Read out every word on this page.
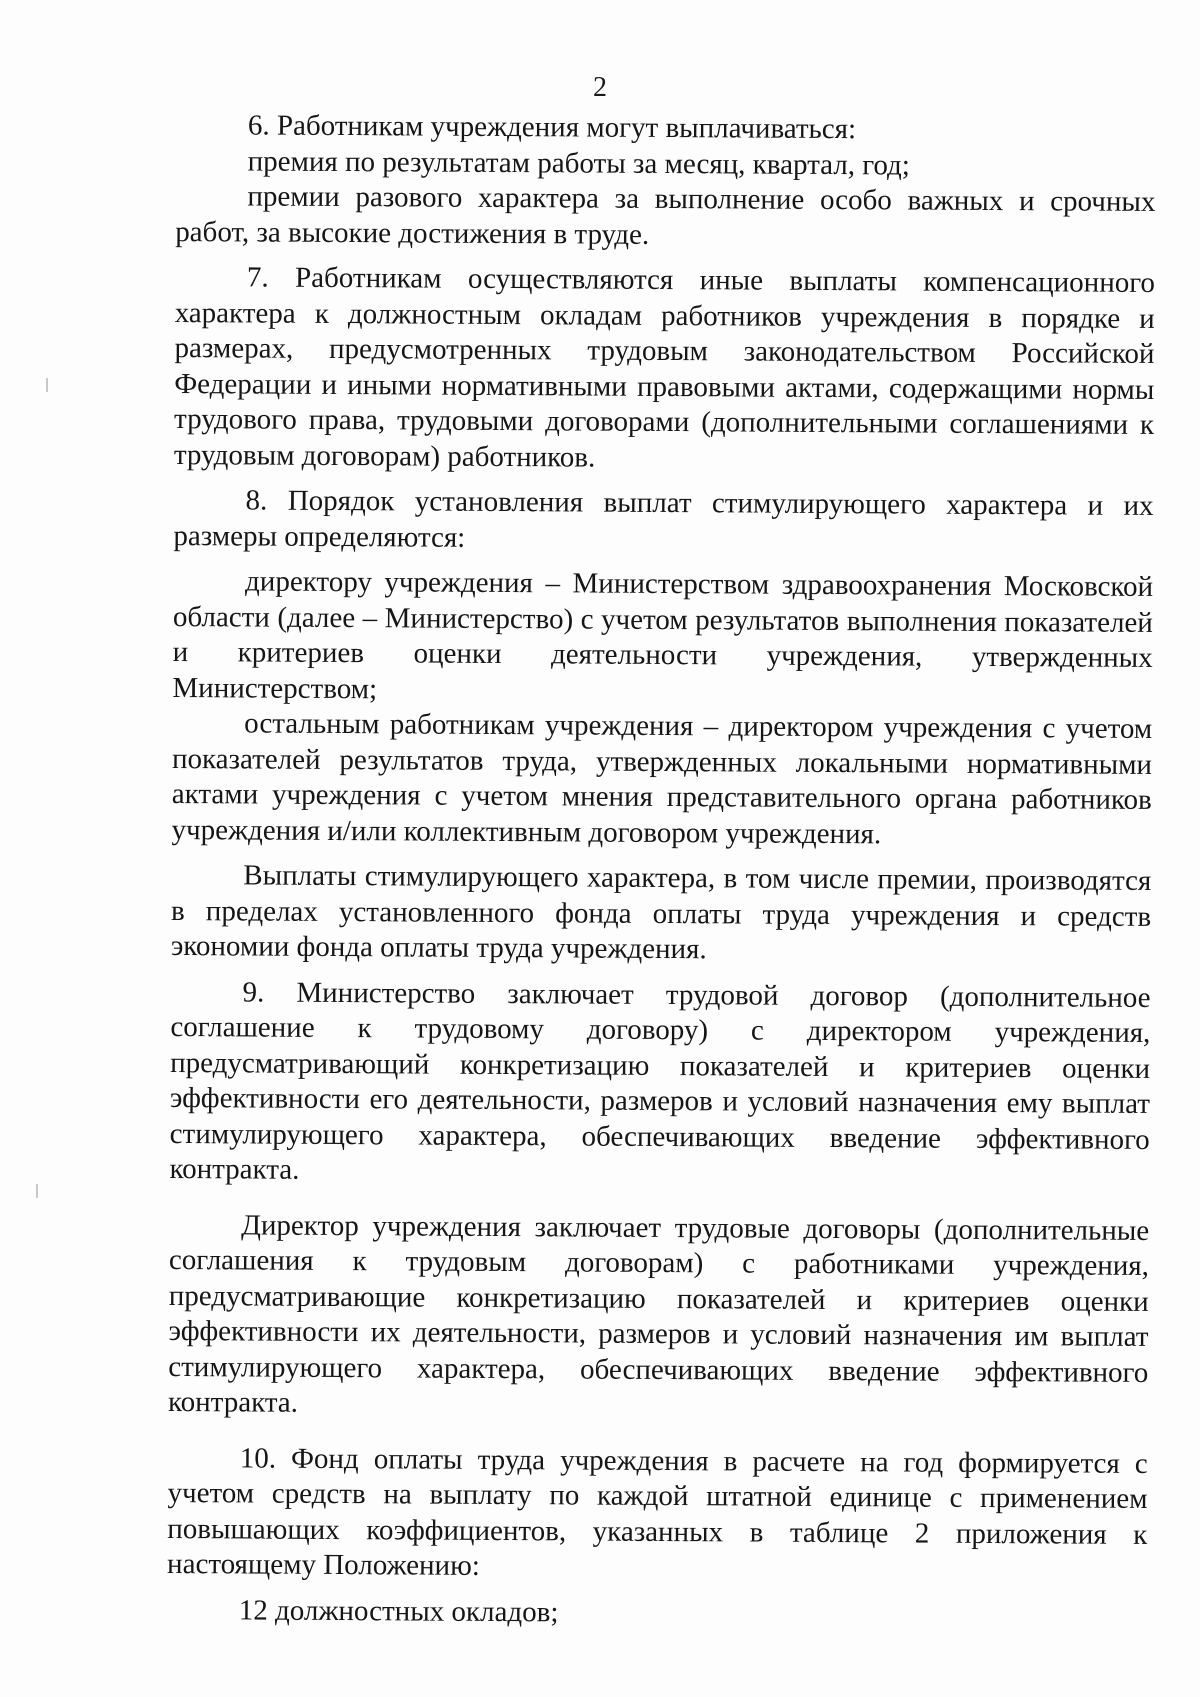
2

6. Работникам учреждения могут выплачиваться:

премия по результатам работы за месяц, квартал, год;

премии разового характера за выполнение особо важных и срочных работ, за высокие достижения в труде.

7. Работникам осуществляются иные выплаты компенсационного характера к должностным окладам работников учреждения в порядке и размерах, предусмотренных трудовым законодательством Российской Федерации и иными нормативными правовыми актами, содержащими нормы трудового права, трудовыми договорами (дополнительными соглашениями к трудовым договорам) работников.

8. Порядок установления выплат стимулирующего характера и их размеры определяются:

директору учреждения – Министерством здравоохранения Московской области (далее – Министерство) с учетом результатов выполнения показателей и критериев оценки деятельности учреждения, утвержденных Министерством;

остальным работникам учреждения – директором учреждения с учетом показателей результатов труда, утвержденных локальными нормативными актами учреждения с учетом мнения представительного органа работников учреждения и/или коллективным договором учреждения.

Выплаты стимулирующего характера, в том числе премии, производятся в пределах установленного фонда оплаты труда учреждения и средств экономии фонда оплаты труда учреждения.

9. Министерство заключает трудовой договор (дополнительное соглашение к трудовому договору) с директором учреждения, предусматривающий конкретизацию показателей и критериев оценки эффективности его деятельности, размеров и условий назначения ему выплат стимулирующего характера, обеспечивающих введение эффективного контракта.

Директор учреждения заключает трудовые договоры (дополнительные соглашения к трудовым договорам) с работниками учреждения, предусматривающие конкретизацию показателей и критериев оценки эффективности их деятельности, размеров и условий назначения им выплат стимулирующего характера, обеспечивающих введение эффективного контракта.

10. Фонд оплаты труда учреждения в расчете на год формируется с учетом средств на выплату по каждой штатной единице с применением повышающих коэффициентов, указанных в таблице 2 приложения к настоящему Положению:

12 должностных окладов;
